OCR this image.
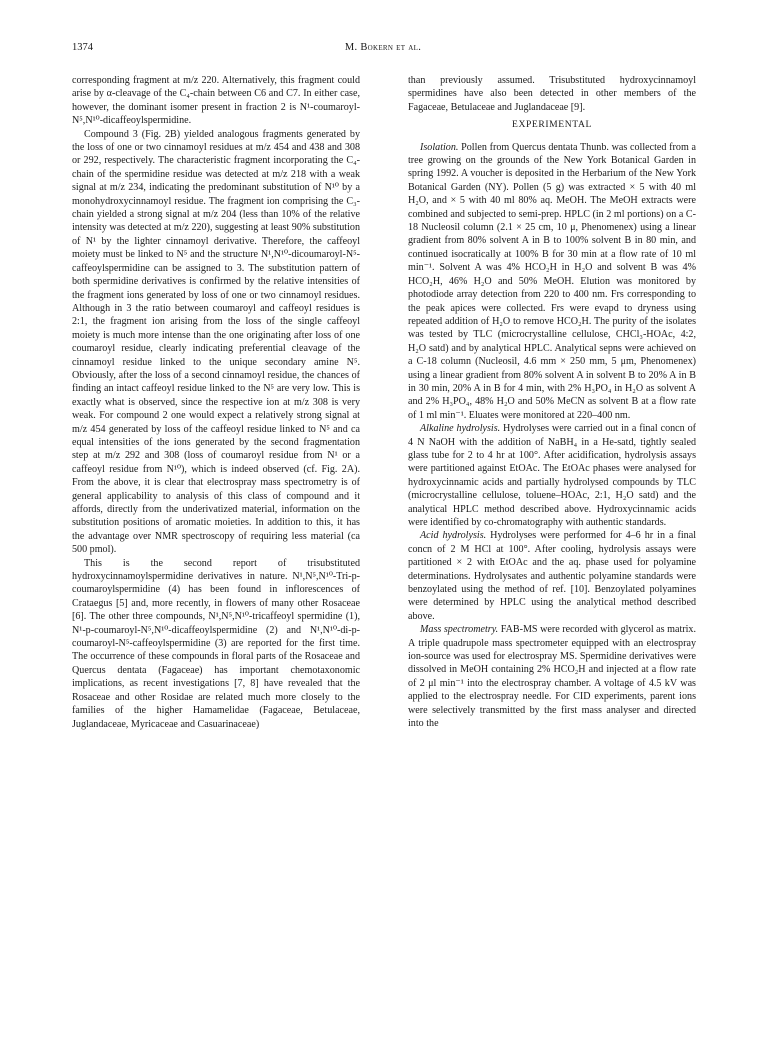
1374	M. Bokern et al.

corresponding fragment at m/z 220. Alternatively, this fragment could arise by α-cleavage of the C₄-chain between C6 and C7. In either case, however, the dominant isomer present in fraction 2 is N¹-coumaroyl-N⁵,N¹⁰-dicaffeoylspermidine.

Compound 3 (Fig. 2B) yielded analogous fragments generated by the loss of one or two cinnamoyl residues at m/z 454 and 438 and 308 or 292, respectively. The characteristic fragment incorporating the C₄-chain of the spermidine residue was detected at m/z 218 with a weak signal at m/z 234, indicating the predominant substitution of N¹⁰ by a monohydroxycinnamoyl residue. The fragment ion comprising the C₃-chain yielded a strong signal at m/z 204 (less than 10% of the relative intensity was detected at m/z 220), suggesting at least 90% substitution of N¹ by the lighter cinnamoyl derivative. Therefore, the caffeoyl moiety must be linked to N⁵ and the structure N¹,N¹⁰-dicoumaroyl-N⁵-caffeoylspermidine can be assigned to 3. The substitution pattern of both spermidine derivatives is confirmed by the relative intensities of the fragment ions generated by loss of one or two cinnamoyl residues. Although in 3 the ratio between coumaroyl and caffeoyl residues is 2:1, the fragment ion arising from the loss of the single caffeoyl moiety is much more intense than the one originating after loss of one coumaroyl residue, clearly indicating preferential cleavage of the cinnamoyl residue linked to the unique secondary amine N⁵. Obviously, after the loss of a second cinnamoyl residue, the chances of finding an intact caffeoyl residue linked to the N⁵ are very low. This is exactly what is observed, since the respective ion at m/z 308 is very weak. For compound 2 one would expect a relatively strong signal at m/z 454 generated by loss of the caffeoyl residue linked to N⁵ and ca equal intensities of the ions generated by the second fragmentation step at m/z 292 and 308 (loss of coumaroyl residue from N¹ or a caffeoyl residue from N¹⁰), which is indeed observed (cf. Fig. 2A). From the above, it is clear that electrospray mass spectrometry is of general applicability to analysis of this class of compound and it affords, directly from the underivatized material, information on the substitution positions of aromatic moieties. In addition to this, it has the advantage over NMR spectroscopy of requiring less material (ca 500 pmol).

This is the second report of trisubstituted hydroxycinnamoylspermidine derivatives in nature. N¹,N⁵,N¹⁰-Tri-p-coumaroylspermidine (4) has been found in inflorescences of Crataegus [5] and, more recently, in flowers of many other Rosaceae [6]. The other three compounds, N¹,N⁵,N¹⁰-tricaffeoyl spermidine (1), N¹-p-coumaroyl-N⁵,N¹⁰-dicaffeoylspermidine (2) and N¹,N¹⁰-di-p-coumaroyl-N⁵-caffeoylspermidine (3) are reported for the first time. The occurrence of these compounds in floral parts of the Rosaceae and Quercus dentata (Fagaceae) has important chemotaxonomic implications, as recent investigations [7, 8] have revealed that the Rosaceae and other Rosidae are related much more closely to the families of the higher Hamamelidae (Fagaceae, Betulaceae, Juglandaceae, Myricaceae and Casuarinaceae)

than previously assumed. Trisubstituted hydroxycinnamoyl spermidines have also been detected in other members of the Fagaceae, Betulaceae and Juglandaceae [9].

EXPERIMENTAL

Isolation. Pollen from Quercus dentata Thunb. was collected from a tree growing on the grounds of the New York Botanical Garden in spring 1992. A voucher is deposited in the Herbarium of the New York Botanical Garden (NY). Pollen (5 g) was extracted × 5 with 40 ml H₂O, and × 5 with 40 ml 80% aq. MeOH. The MeOH extracts were combined and subjected to semi-prep. HPLC (in 2 ml portions) on a C-18 Nucleosil column (2.1 × 25 cm, 10 μ, Phenomenex) using a linear gradient from 80% solvent A in B to 100% solvent B in 80 min, and continued isocratically at 100% B for 30 min at a flow rate of 10 ml min⁻¹. Solvent A was 4% HCO₂H in H₂O and solvent B was 4% HCO₂H, 46% H₂O and 50% MeOH. Elution was monitored by photodiode array detection from 220 to 400 nm. Frs corresponding to the peak apices were collected. Frs were evapd to dryness using repeated addition of H₂O to remove HCO₂H. The purity of the isolates was tested by TLC (microcrystalline cellulose, CHCl₃-HOAc, 4:2, H₂O satd) and by analytical HPLC. Analytical sepns were achieved on a C-18 column (Nucleosil, 4.6 mm × 250 mm, 5 μm, Phenomenex) using a linear gradient from 80% solvent A in solvent B to 20% A in B in 30 min, 20% A in B for 4 min, with 2% H₃PO₄ in H₂O as solvent A and 2% H₃PO₄, 48% H₂O and 50% MeCN as solvent B at a flow rate of 1 ml min⁻¹. Eluates were monitored at 220–400 nm.

Alkaline hydrolysis. Hydrolyses were carried out in a final concn of 4 N NaOH with the addition of NaBH₄ in a He-satd, tightly sealed glass tube for 2 to 4 hr at 100°. After acidification, hydrolysis assays were partitioned against EtOAc. The EtOAc phases were analysed for hydroxycinnamic acids and partially hydrolysed compounds by TLC (microcrystalline cellulose, toluene–HOAc, 2:1, H₂O satd) and the analytical HPLC method described above. Hydroxycinnamic acids were identified by co-chromatography with authentic standards.

Acid hydrolysis. Hydrolyses were performed for 4–6 hr in a final concn of 2 M HCl at 100°. After cooling, hydrolysis assays were partitioned × 2 with EtOAc and the aq. phase used for polyamine determinations. Hydrolysates and authentic polyamine standards were benzoylated using the method of ref. [10]. Benzoylated polyamines were determined by HPLC using the analytical method described above.

Mass spectrometry. FAB-MS were recorded with glycerol as matrix. A triple quadrupole mass spectrometer equipped with an electrospray ion-source was used for electrospray MS. Spermidine derivatives were dissolved in MeOH containing 2% HCO₂H and injected at a flow rate of 2 μl min⁻¹ into the electrospray chamber. A voltage of 4.5 kV was applied to the electrospray needle. For CID experiments, parent ions were selectively transmitted by the first mass analyser and directed into the
